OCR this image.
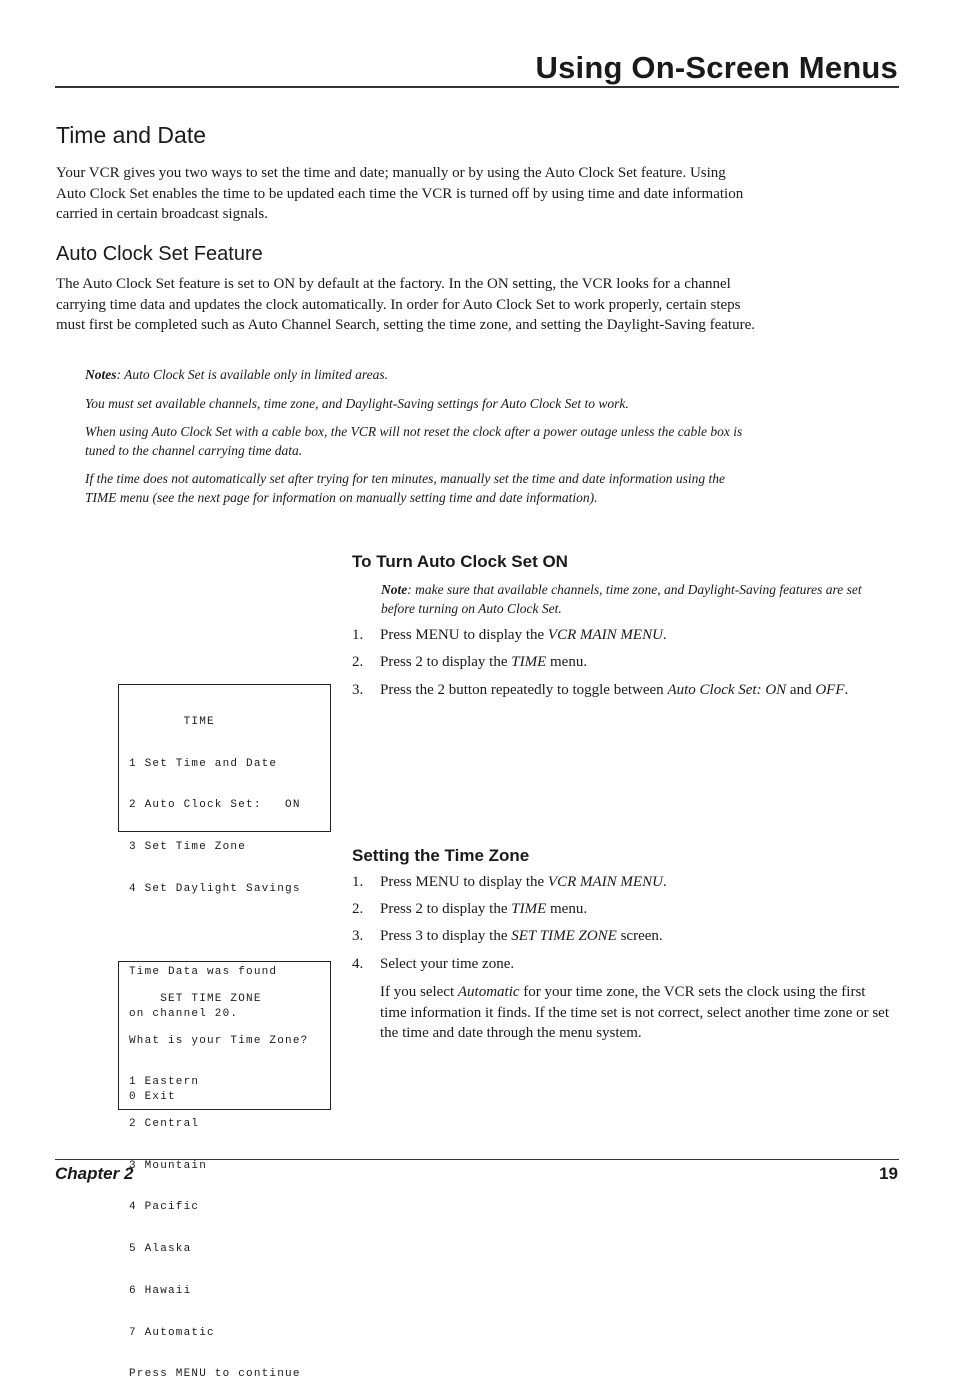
Using On-Screen Menus
Time and Date
Your VCR gives you two ways to set the time and date; manually or by using the Auto Clock Set feature. Using Auto Clock Set enables the time to be updated each time the VCR is turned off by using time and date information carried in certain broadcast signals.
Auto Clock Set Feature
The Auto Clock Set feature is set to ON by default at the factory. In the ON setting, the VCR looks for a channel carrying time data and updates the clock automatically. In order for Auto Clock Set to work properly, certain steps must first be completed such as Auto Channel Search, setting the time zone, and setting the Daylight-Saving feature.
Notes: Auto Clock Set is available only in limited areas.
You must set available channels, time zone, and Daylight-Saving settings for Auto Clock Set to work.
When using Auto Clock Set with a cable box, the VCR will not reset the clock after a power outage unless the cable box is tuned to the channel carrying time data.
If the time does not automatically set after trying for ten minutes, manually set the time and date information using the TIME menu (see the next page for information on manually setting time and date information).
To Turn Auto Clock Set ON
Note: make sure that available channels, time zone, and Daylight-Saving features are set before turning on Auto Clock Set.
1. Press MENU to display the VCR MAIN MENU.
2. Press 2 to display the TIME menu.
3. Press the 2 button repeatedly to toggle between Auto Clock Set: ON and OFF.

TIME

1 Set Time and Date

2 Auto Clock Set:   ON

3 Set Time Zone

4 Set Daylight Savings

Time Data was found

on channel 20.

0 Exit

Setting the Time Zone
1. Press MENU to display the VCR MAIN MENU.
2. Press 2 to display the TIME menu.
3. Press 3 to display the SET TIME ZONE screen.
4. Select your time zone.
If you select Automatic for your time zone, the VCR sets the clock using the first time information it finds. If the time set is not correct, select another time zone or set the time and date through the menu system.

SET TIME ZONE

What is your Time Zone?

1 Eastern

2 Central

3 Mountain

4 Pacific

5 Alaska

6 Hawaii

7 Automatic

Press MENU to continue

Chapter 2	19
